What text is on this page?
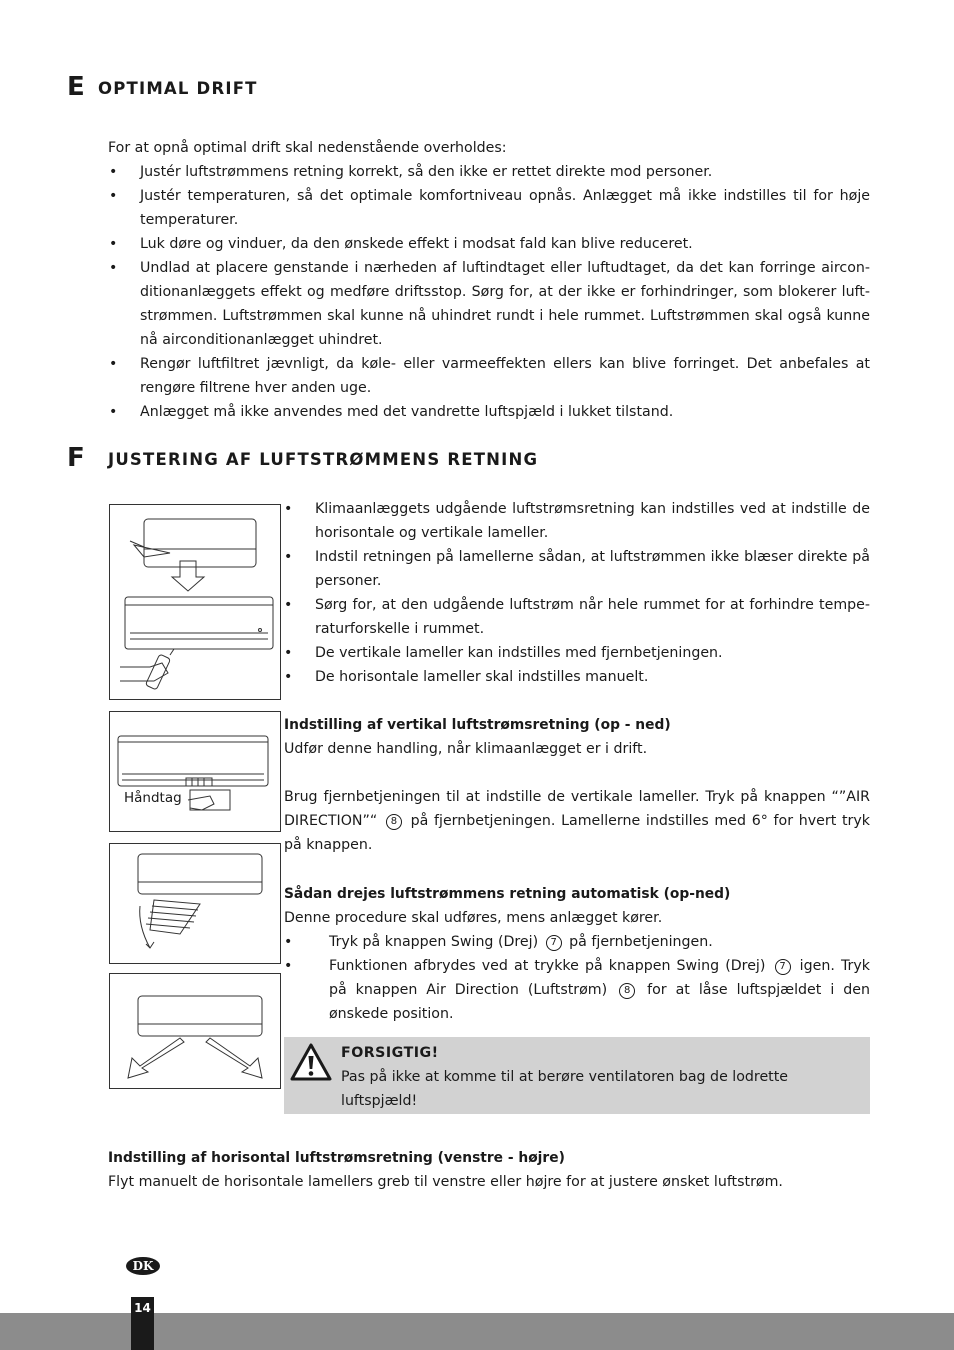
E OPTIMAL DRIFT
For at opnå optimal drift skal nedenstående overholdes:
• Justér luftstrømmens retning korrekt, så den ikke er rettet direkte mod personer.
• Justér temperaturen, så det optimale komfortniveau opnås. Anlægget må ikke indstilles til for høje temperaturer.
• Luk døre og vinduer, da den ønskede effekt i modsat fald kan blive reduceret.
• Undlad at placere genstande i nærheden af luftindtaget eller luftudtaget, da det kan forringe airconditionanlæggets effekt og medføre driftsstop. Sørg for, at der ikke er forhindringer, som blokerer luftstrømmen. Luftstrømmen skal kunne nå uhindret rundt i hele rummet. Luftstrømmen skal også kunne nå airconditionanlægget uhindret.
• Rengør luftfiltret jævnligt, da køle- eller varmeeffekten ellers kan blive forringet. Det anbefales at rengøre filtrene hver anden uge.
• Anlægget må ikke anvendes med det vandrette luftspjæld i lukket tilstand.
F JUSTERING AF LUFTSTRØMMENS RETNING
Håndtag
• Klimaanlæggets udgående luftstrømsretning kan indstilles ved at indstille de horisontale og vertikale lameller.
• Indstil retningen på lamellerne sådan, at luftstrømmen ikke blæser direkte på personer.
• Sørg for, at den udgående luftstrøm når hele rummet for at forhindre temperaturforskelle i rummet.
• De vertikale lameller kan indstilles med fjernbetjeningen.
• De horisontale lameller skal indstilles manuelt.
Indstilling af vertikal luftstrømsretning (op - ned)
Udfør denne handling, når klimaanlægget er i drift.
Brug fjernbetjeningen til at indstille de vertikale lameller. Tryk på knappen “”AIR DIRECTION”“ 8 på fjernbetjeningen. Lamellerne indstilles med 6° for hvert tryk på knappen.
Sådan drejes luftstrømmens retning automatisk (op-ned)
Denne procedure skal udføres, mens anlægget kører.
•	Tryk på knappen Swing (Drej) 7 på fjernbetjeningen.
•	Funktionen afbrydes ved at trykke på knappen Swing (Drej) 7 igen. Tryk på knappen Air Direction (Luftstrøm) 8 for at låse luftspjældet i den ønskede position.
FORSIGTIG!
Pas på ikke at komme til at berøre ventilatoren bag de lodrette luftspjæld!
Indstilling af horisontal luftstrømsretning (venstre - højre)
Flyt manuelt de horisontale lamellers greb til venstre eller højre for at justere ønsket luftstrøm.
DK
14
